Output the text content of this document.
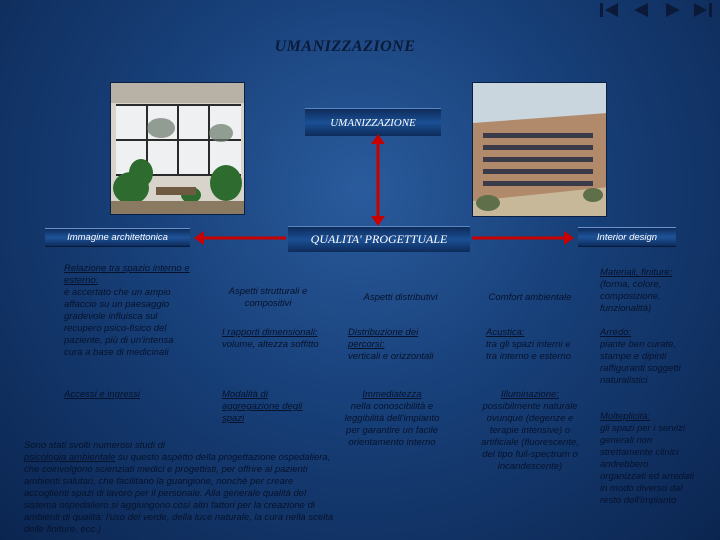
UMANIZZAZIONE
UMANIZZAZIONE
Immagine architettonica	QUALITA' PROGETTUALE	Interior design
Relazione tra spazio interno e esterno:
è accertato che un ampio affaccio su un paesaggio gradevole influisca sul recupero psico-fisico del paziente, più di un'intensa cura a base di medicinali
Accessi e ingressi
Aspetti strutturali e compositivi
I rapporti dimensionali:
volume, altezza soffitto
Modalità di aggregazione degli spazi
Aspetti distributivi
Distribuzione dei percorsi:
verticali e orizzontali
Immediatezza
nella conoscibilità e leggibilità dell'impianto per garantire un facile orientamento interno
Comfort ambientale
Acustica:
tra gli spazi interni e tra interno e esterno
Illuminazione:
possibilmente naturale ovunque (degenze e terapie intensive) o artificiale (fluorescente, del tipo full-spectrum o incandescente)
Materiali, finiture:
(forma, colore, composizione, funzionalità)
Arredo:
piante ben curate, stampe e dipinti raffiguranti soggetti naturalistici
Molteplicità:
gli spazi per i servizi generali non strettamente clinici andrebbero organizzati ed arredati in modo diverso dal resto dell'impianto
Sono stati svolti numerosi studi di
psicologia ambientale su questo aspetto della progettazione ospedaliera, che coinvolgono scienziati medici e progettisti, per offrire ai pazienti ambienti salutari, che facilitano la guarigione, nonché per creare accoglienti spazi di lavoro per il personale. Alla generale qualità del sistema ospedaliero si aggiungono così altri fattori per la creazione di ambienti di qualità: l'uso del verde, della luce naturale, la cura nella scelta delle finiture, ecc.)
